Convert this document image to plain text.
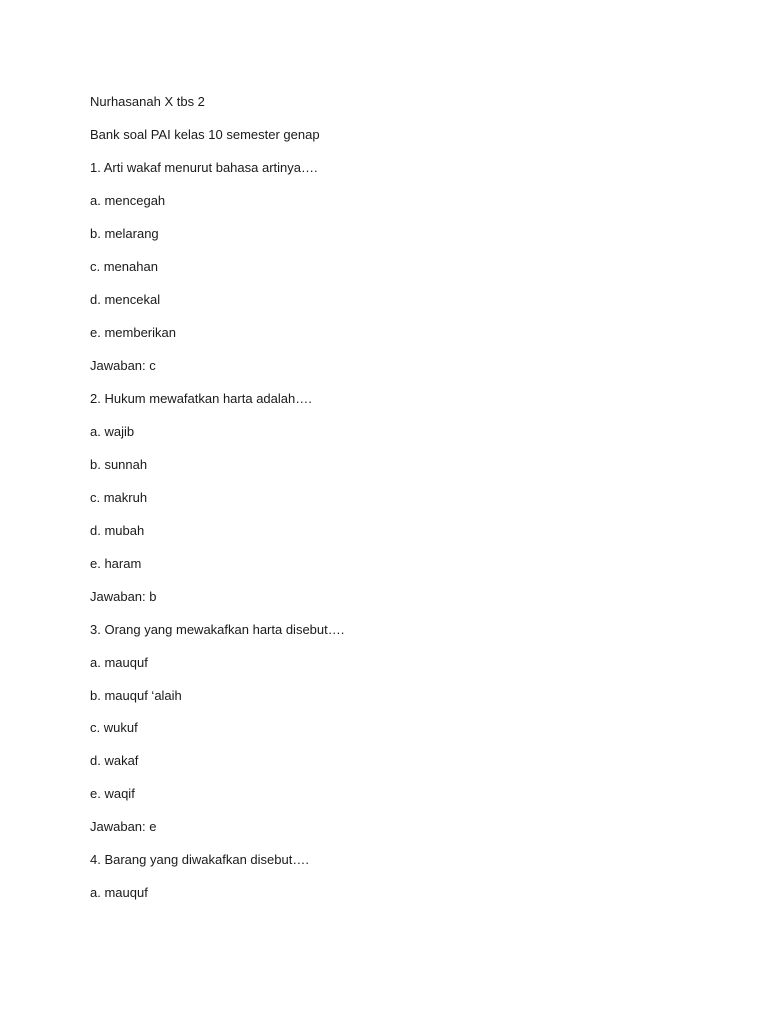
Nurhasanah X tbs 2

Bank soal PAI kelas 10 semester genap

1. Arti wakaf menurut bahasa artinya….

a. mencegah

b. melarang

c. menahan

d. mencekal

e. memberikan

Jawaban: c

2. Hukum mewafatkan harta adalah….

a. wajib

b. sunnah

c. makruh

d. mubah

e. haram

Jawaban: b

3. Orang yang mewakafkan harta disebut….

a. mauquf

b. mauquf ‘alaih

c. wukuf

d. wakaf

e. waqif

Jawaban: e

4. Barang yang diwakafkan disebut….

a. mauquf
